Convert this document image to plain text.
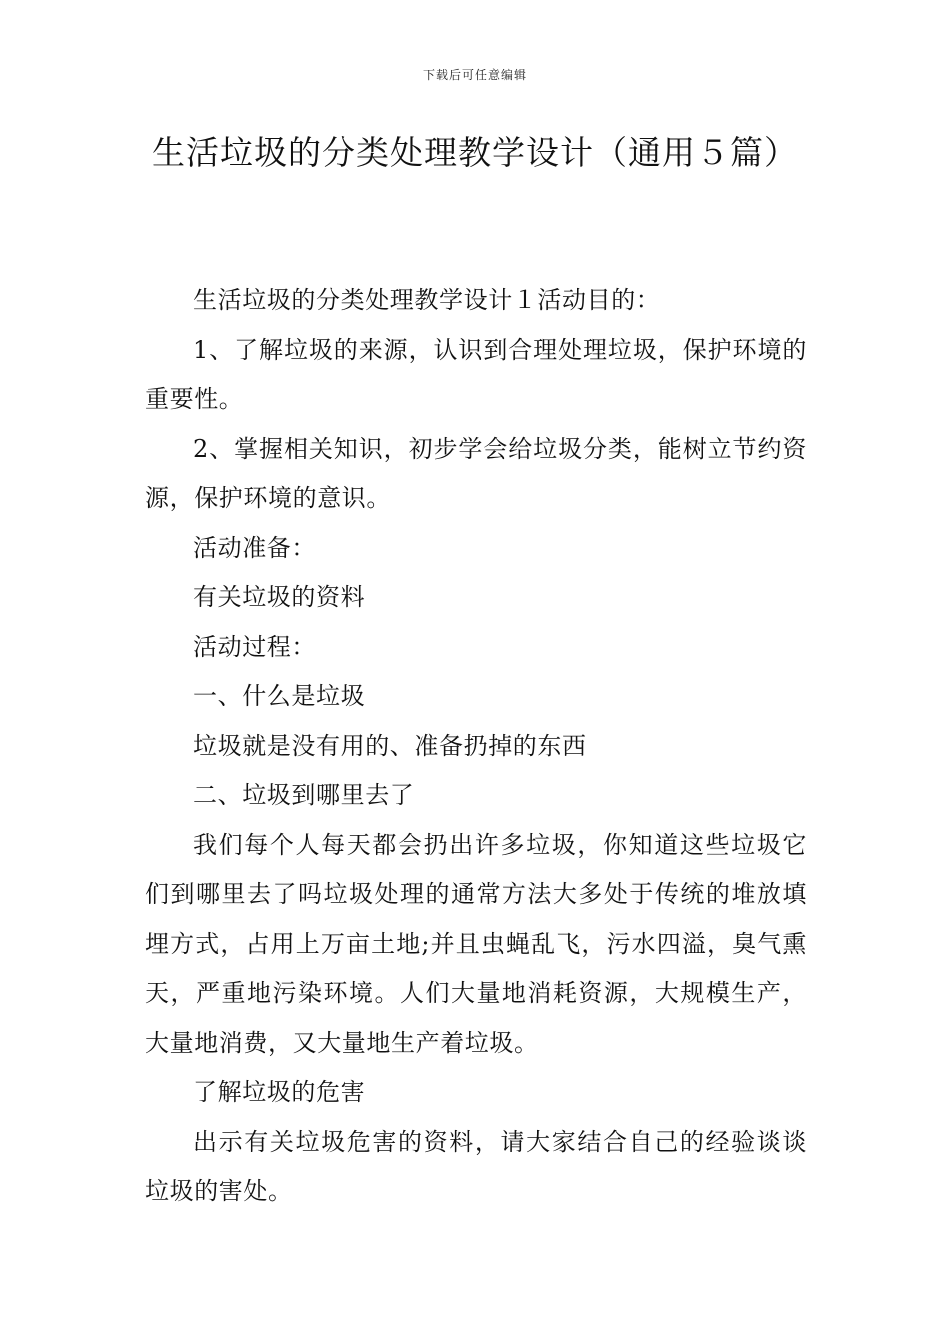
下载后可任意编辑
生活垃圾的分类处理教学设计（通用５篇）

生活垃圾的分类处理教学设计１活动目的：

1、了解垃圾的来源，认识到合理处理垃圾，保护环境的重要性。

2、掌握相关知识，初步学会给垃圾分类，能树立节约资源，保护环境的意识。

活动准备：

有关垃圾的资料

活动过程：

一、什么是垃圾

垃圾就是没有用的、准备扔掉的东西

二、垃圾到哪里去了

我们每个人每天都会扔出许多垃圾，你知道这些垃圾它们到哪里去了吗垃圾处理的通常方法大多处于传统的堆放填埋方式，占用上万亩土地;并且虫蝇乱飞，污水四溢，臭气熏天，严重地污染环境。人们大量地消耗资源，大规模生产，大量地消费，又大量地生产着垃圾。

了解垃圾的危害

出示有关垃圾危害的资料，请大家结合自己的经验谈谈垃圾的害处。
